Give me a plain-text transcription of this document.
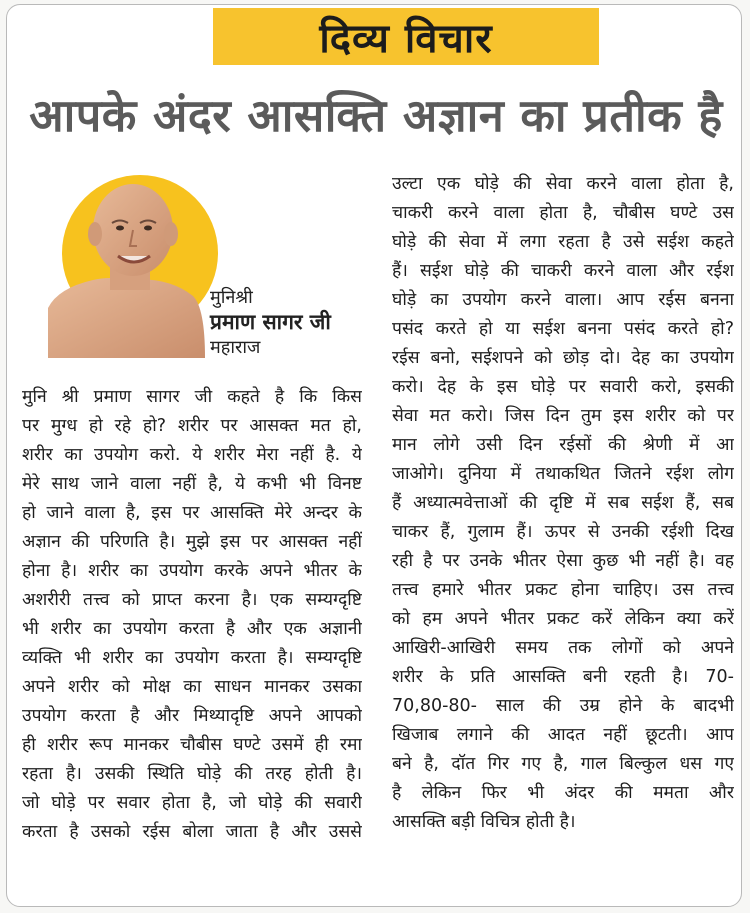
दिव्य विचार
आपके अंदर आसक्ति अज्ञान का प्रतीक है
मुनिश्री
प्रमाण सागर जी
महाराज
मुनि श्री प्रमाण सागर जी कहते है कि किस
पर मुग्ध हो रहे हो? शरीर पर आसक्त मत हो,
शरीर का उपयोग करो. ये शरीर मेरा नहीं है. ये
मेरे साथ जाने वाला नहीं है, ये कभी भी विनष्ट
हो जाने वाला है, इस पर आसक्ति मेरे अन्दर के
अज्ञान की परिणति है। मुझे इस पर आसक्त नहीं
होना है। शरीर का उपयोग करके अपने भीतर के
अशरीरी तत्त्व को प्राप्त करना है। एक सम्यग्दृष्टि
भी शरीर का उपयोग करता है और एक अज्ञानी
व्यक्ति भी शरीर का उपयोग करता है। सम्यग्दृष्टि
अपने शरीर को मोक्ष का साधन मानकर उसका
उपयोग करता है और मिथ्यादृष्टि अपने आपको
ही शरीर रूप मानकर चौबीस घण्टे उसमें ही रमा
रहता है। उसकी स्थिति घोड़े की तरह होती है।
जो घोड़े पर सवार होता है, जो घोड़े की सवारी
करता है उसको रईस बोला जाता है और उससे
उल्टा एक घोड़े की सेवा करने वाला होता है,
चाकरी करने वाला होता है, चौबीस घण्टे उस
घोड़े की सेवा में लगा रहता है उसे सईश कहते
हैं। सईश घोड़े की चाकरी करने वाला और रईश
घोड़े का उपयोग करने वाला। आप रईस बनना
पसंद करते हो या सईश बनना पसंद करते हो?
रईस बनो, सईशपने को छोड़ दो। देह का उपयोग
करो। देह के इस घोड़े पर सवारी करो, इसकी
सेवा मत करो। जिस दिन तुम इस शरीर को पर
मान लोगे उसी दिन रईसों की श्रेणी में आ
जाओगे। दुनिया में तथाकथित जितने रईश लोग
हैं अध्यात्मवेत्ताओं की दृष्टि में सब सईश हैं, सब
चाकर हैं, गुलाम हैं। ऊपर से उनकी रईशी दिख
रही है पर उनके भीतर ऐसा कुछ भी नहीं है। वह
तत्त्व हमारे भीतर प्रकट होना चाहिए। उस तत्त्व
को हम अपने भीतर प्रकट करें लेकिन क्या करें
आखिरी-आखिरी समय तक लोगों को अपने
शरीर के प्रति आसक्ति बनी रहती है। 70-
70,80-80- साल की उम्र होने के बादभी
खिजाब लगाने की आदत नहीं छूटती। आप
बने है, दॉत गिर गए है, गाल बिल्कुल धस गए
है लेकिन फिर भी अंदर की ममता और
आसक्ति बड़ी विचित्र होती है।
